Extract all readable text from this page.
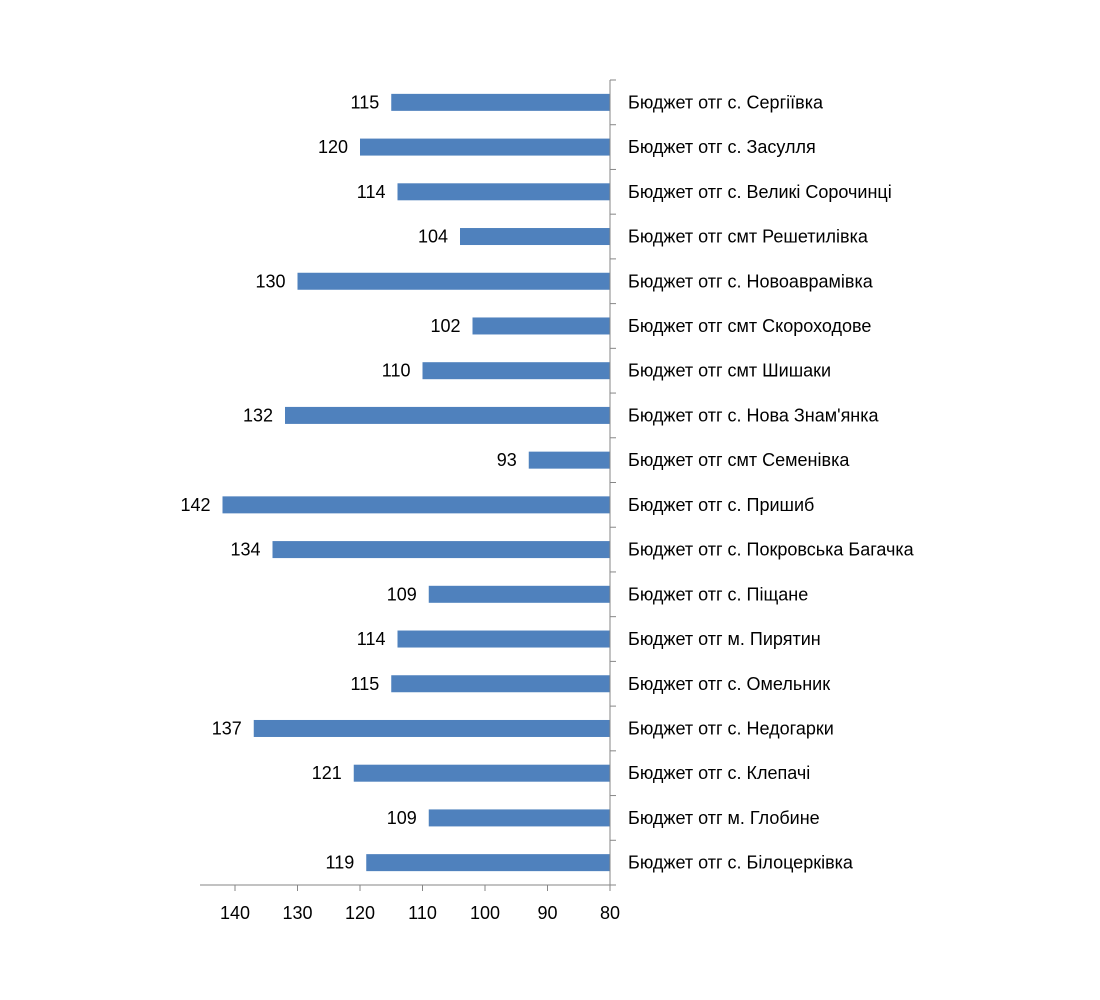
140 130 120 110 100 90 80
115	Бюджет отг с. Сергіївка
120	Бюджет отг с. Засулля
114	Бюджет отг с. Великі Сорочинці
104	Бюджет отг смт Решетилівка
130	Бюджет отг с. Новоаврамівка
102	Бюджет отг смт Скороходове
110	Бюджет отг смт Шишаки
132	Бюджет отг с. Нова Знам'янка
93	Бюджет отг смт Семенівка
142	Бюджет отг с. Пришиб
134	Бюджет отг с. Покровська Багачка
109	Бюджет отг с. Піщане
114	Бюджет отг м. Пирятин
115	Бюджет отг с. Омельник
137	Бюджет отг с. Недогарки
121	Бюджет отг с. Клепачі
109	Бюджет отг м. Глобине
119	Бюджет отг с. Білоцерківка
